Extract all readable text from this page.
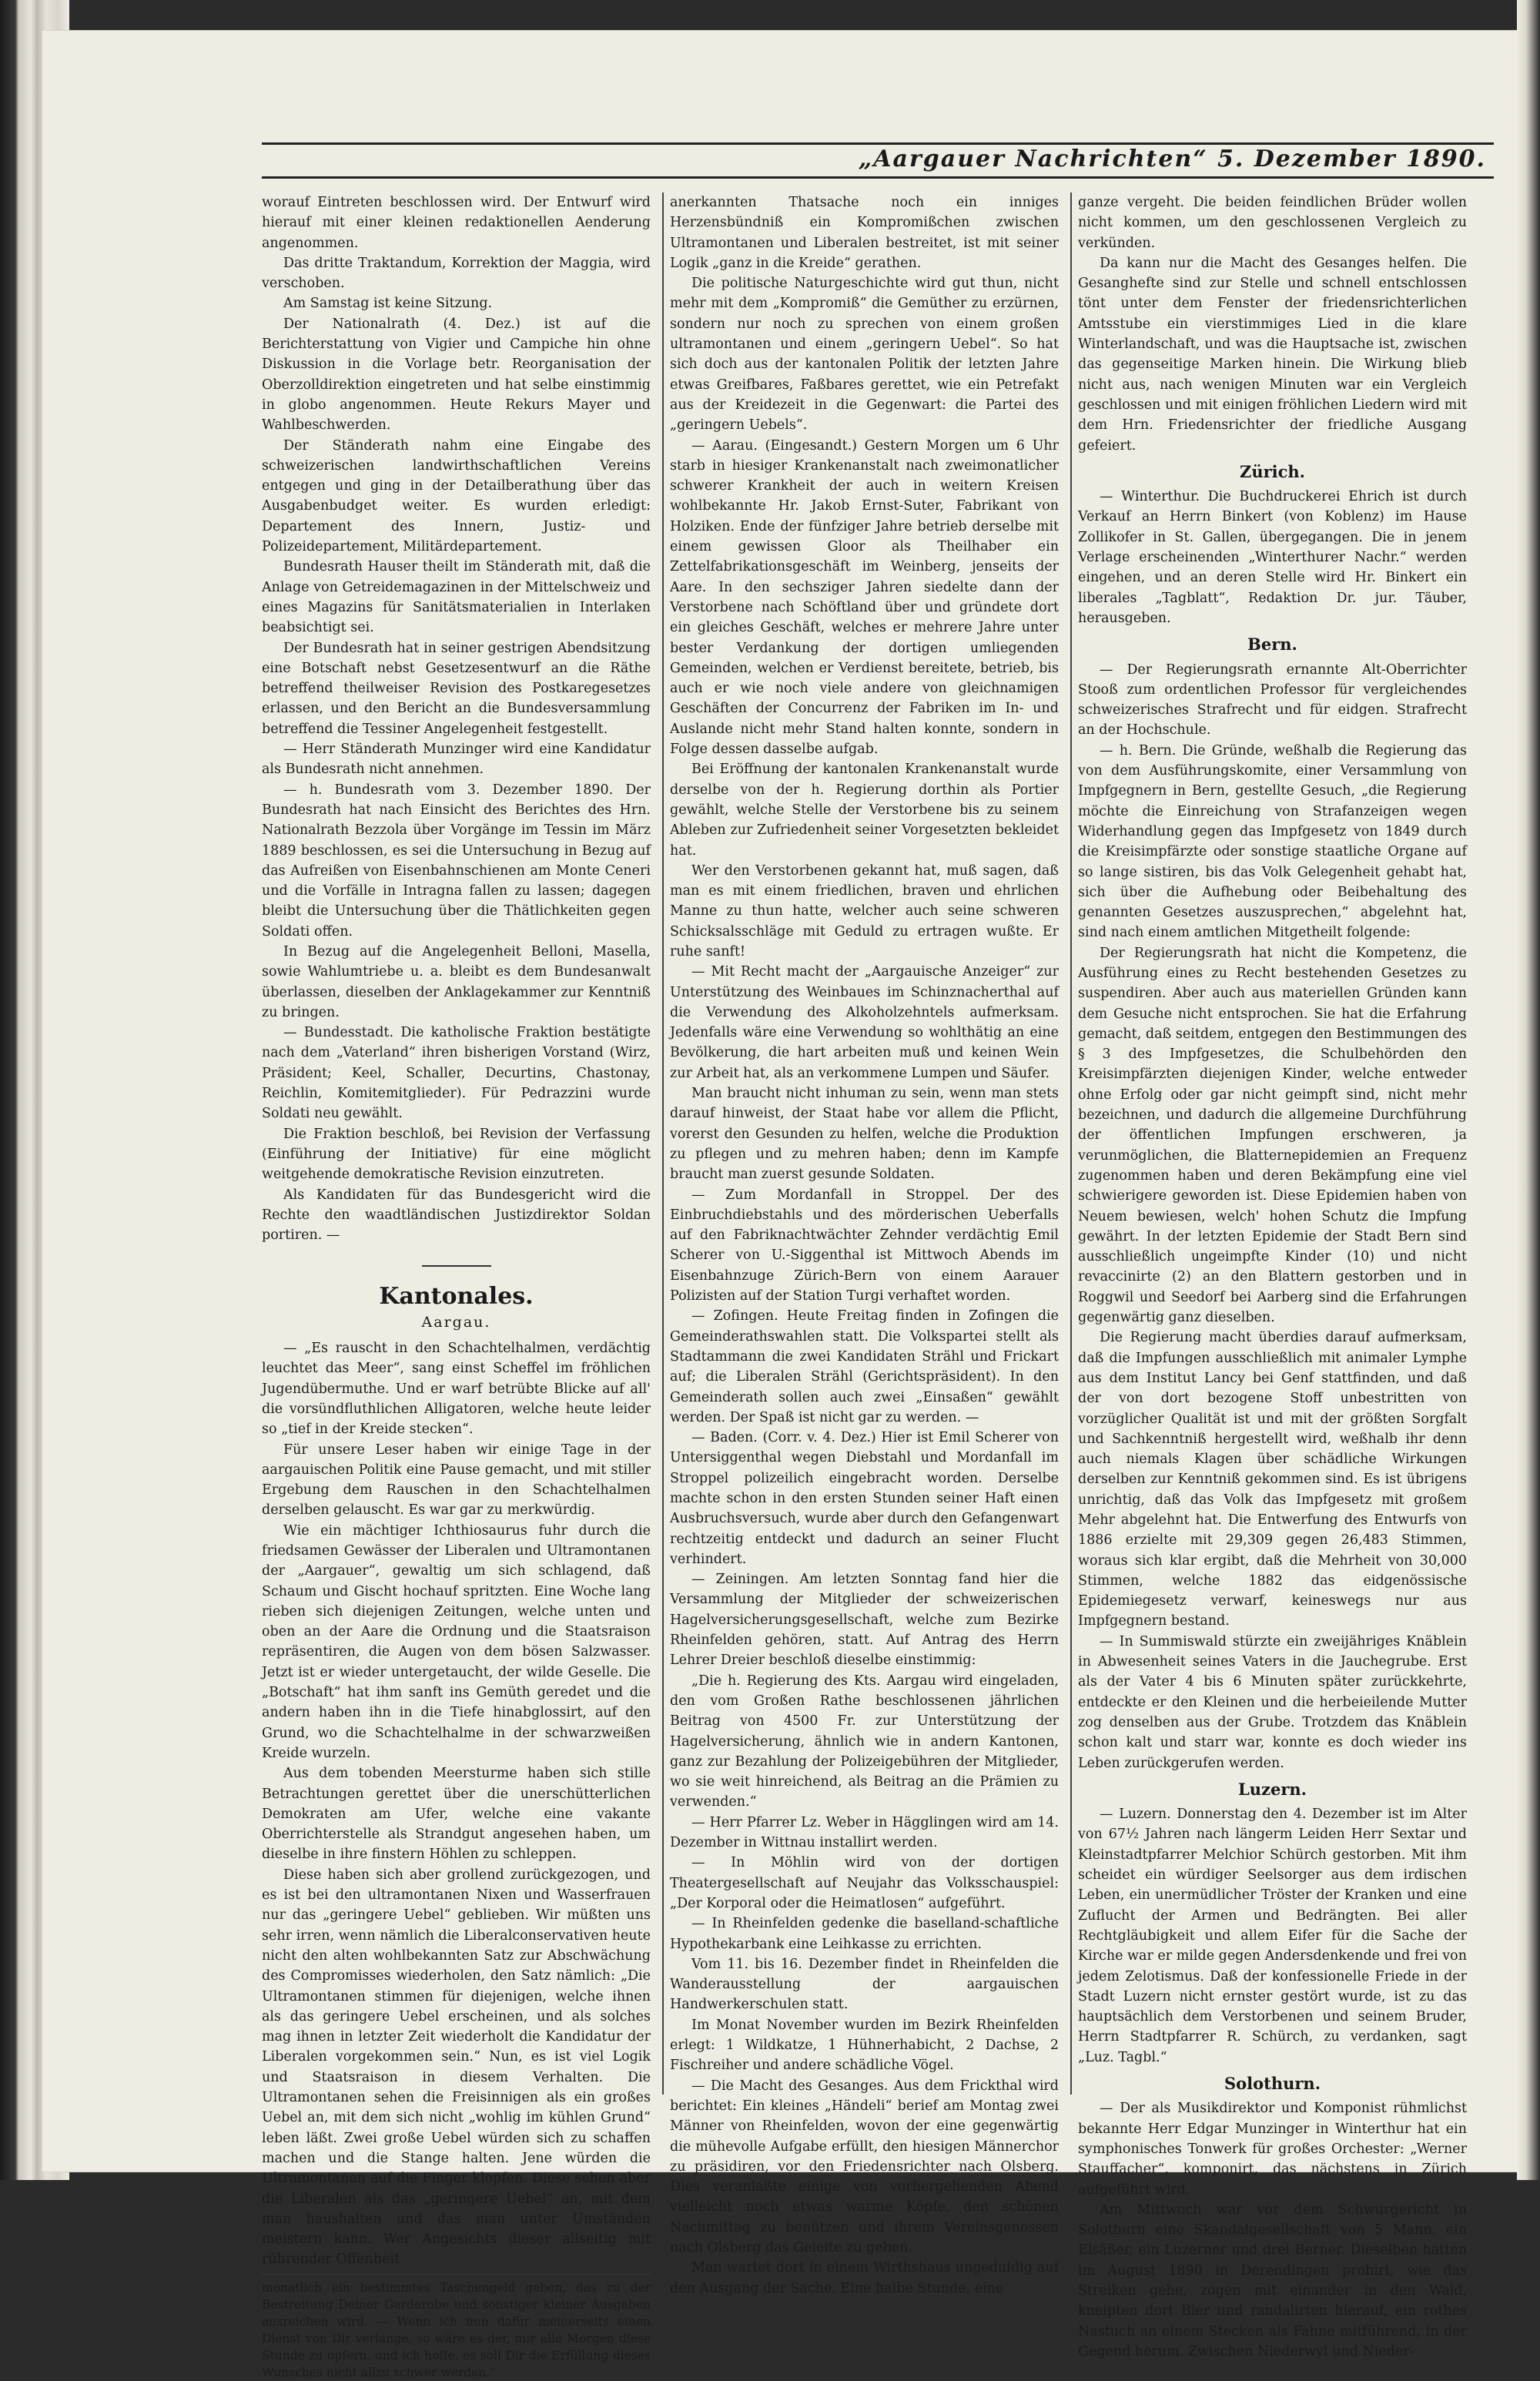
„Aargauer Nachrichten“ 5. Dezember 1890.

worauf Eintreten beschlossen wird. Der Entwurf wird hierauf mit einer kleinen redaktionellen Aenderung angenommen.

Das dritte Traktandum, Korrektion der Maggia, wird verschoben.

Am Samstag ist keine Sitzung.

Der Nationalrath (4. Dez.) ist auf die Berichterstattung von Vigier und Campiche hin ohne Diskussion in die Vorlage betr. Reorganisation der Oberzolldirektion eingetreten und hat selbe einstimmig in globo angenommen. Heute Rekurs Mayer und Wahlbeschwerden.

Der Ständerath nahm eine Eingabe des schweizerischen landwirthschaftlichen Vereins entgegen und ging in der Detailberathung über das Ausgabenbudget weiter. Es wurden erledigt: Departement des Innern, Justiz- und Polizeidepartement, Militärdepartement.

Bundesrath Hauser theilt im Ständerath mit, daß die Anlage von Getreidemagazinen in der Mittelschweiz und eines Magazins für Sanitätsmaterialien in Interlaken beabsichtigt sei.

Der Bundesrath hat in seiner gestrigen Abendsitzung eine Botschaft nebst Gesetzesentwurf an die Räthe betreffend theilweiser Revision des Postkaregesetzes erlassen, und den Bericht an die Bundesversammlung betreffend die Tessiner Angelegenheit festgestellt.

— Herr Ständerath Munzinger wird eine Kandidatur als Bundesrath nicht annehmen.

— h. Bundesrath vom 3. Dezember 1890. Der Bundesrath hat nach Einsicht des Berichtes des Hrn. Nationalrath Bezzola über Vorgänge im Tessin im März 1889 beschlossen, es sei die Untersuchung in Bezug auf das Aufreißen von Eisenbahnschienen am Monte Ceneri und die Vorfälle in Intragna fallen zu lassen; dagegen bleibt die Untersuchung über die Thätlichkeiten gegen Soldati offen.

In Bezug auf die Angelegenheit Belloni, Masella, sowie Wahlumtriebe u. a. bleibt es dem Bundesanwalt überlassen, dieselben der Anklagekammer zur Kenntniß zu bringen.

— Bundesstadt. Die katholische Fraktion bestätigte nach dem „Vaterland“ ihren bisherigen Vorstand (Wirz, Präsident; Keel, Schaller, Decurtins, Chastonay, Reichlin, Komitemitglieder). Für Pedrazzini wurde Soldati neu gewählt.

Die Fraktion beschloß, bei Revision der Verfassung (Einführung der Initiative) für eine möglicht weitgehende demokratische Revision einzutreten.

Als Kandidaten für das Bundesgericht wird die Rechte den waadtländischen Justizdirektor Soldan portiren. —

Kantonales.
Aargau.

— „Es rauscht in den Schachtelhalmen, verdächtig leuchtet das Meer“, sang einst Scheffel im fröhlichen Jugendübermuthe. Und er warf betrübte Blicke auf all' die vorsündfluthlichen Alligatoren, welche heute leider so „tief in der Kreide stecken“.

Für unsere Leser haben wir einige Tage in der aargauischen Politik eine Pause gemacht, und mit stiller Ergebung dem Rauschen in den Schachtelhalmen derselben gelauscht. Es war gar zu merkwürdig.

Wie ein mächtiger Ichthiosaurus fuhr durch die friedsamen Gewässer der Liberalen und Ultramontanen der „Aargauer“, gewaltig um sich schlagend, daß Schaum und Gischt hochauf spritzten. Eine Woche lang rieben sich diejenigen Zeitungen, welche unten und oben an der Aare die Ordnung und die Staatsraison repräsentiren, die Augen von dem bösen Salzwasser. Jetzt ist er wieder untergetaucht, der wilde Geselle. Die „Botschaft“ hat ihm sanft ins Gemüth geredet und die andern haben ihn in die Tiefe hinabglossirt, auf den Grund, wo die Schachtelhalme in der schwarzweißen Kreide wurzeln.

Aus dem tobenden Meersturme haben sich stille Betrachtungen gerettet über die unerschütterlichen Demokraten am Ufer, welche eine vakante Oberrichterstelle als Strandgut angesehen haben, um dieselbe in ihre finstern Höhlen zu schleppen.

Diese haben sich aber grollend zurückgezogen, und es ist bei den ultramontanen Nixen und Wasserfrauen nur das „geringere Uebel“ geblieben. Wir müßten uns sehr irren, wenn nämlich die Liberalconservativen heute nicht den alten wohlbekannten Satz zur Abschwächung des Compromisses wiederholen, den Satz nämlich: „Die Ultramontanen stimmen für diejenigen, welche ihnen als das geringere Uebel erscheinen, und als solches mag ihnen in letzter Zeit wiederholt die Kandidatur der Liberalen vorgekommen sein.“ Nun, es ist viel Logik und Staatsraison in diesem Verhalten. Die Ultramontanen sehen die Freisinnigen als ein großes Uebel an, mit dem sich nicht „wohlig im kühlen Grund“ leben läßt. Zwei große Uebel würden sich zu schaffen machen und die Stange halten. Jene würden die Ultramontanen auf die Finger klopfen. Diese sehen aber die Liberalen als das „geringere Uebel“ an, mit dem man haushalten und das man unter Umständen meistern kann. Wer Angesichts dieser allseitig mit rührender Offenheit

monatlich ein bestimmtes Taschengeld geben, das zu der Bestreitung Deiner Garderobe und sonstiger kleiner Ausgaben ausreichen wird. — Wenn ich nun dafür meinerseits einen Dienst von Dir verlange, so wäre es der, mir alle Morgen diese Stunde zu opfern, und ich hoffe, es soll Dir die Erfüllung dieses Wunsches nicht allzu schwer werden.“

anerkannten Thatsache noch ein inniges Herzensbündniß ein Kompromißchen zwischen Ultramontanen und Liberalen bestreitet, ist mit seiner Logik „ganz in die Kreide“ gerathen.

Die politische Naturgeschichte wird gut thun, nicht mehr mit dem „Kompromiß“ die Gemüther zu erzürnen, sondern nur noch zu sprechen von einem großen ultramontanen und einem „geringern Uebel“. So hat sich doch aus der kantonalen Politik der letzten Jahre etwas Greifbares, Faßbares gerettet, wie ein Petrefakt aus der Kreidezeit in die Gegenwart: die Partei des „geringern Uebels“.

— Aarau. (Eingesandt.) Gestern Morgen um 6 Uhr starb in hiesiger Krankenanstalt nach zweimonatlicher schwerer Krankheit der auch in weitern Kreisen wohlbekannte Hr. Jakob Ernst-Suter, Fabrikant von Holziken. Ende der fünfziger Jahre betrieb derselbe mit einem gewissen Gloor als Theilhaber ein Zettelfabrikationsgeschäft im Weinberg, jenseits der Aare. In den sechsziger Jahren siedelte dann der Verstorbene nach Schöftland über und gründete dort ein gleiches Geschäft, welches er mehrere Jahre unter bester Verdankung der dortigen umliegenden Gemeinden, welchen er Verdienst bereitete, betrieb, bis auch er wie noch viele andere von gleichnamigen Geschäften der Concurrenz der Fabriken im In- und Auslande nicht mehr Stand halten konnte, sondern in Folge dessen dasselbe aufgab.

Bei Eröffnung der kantonalen Krankenanstalt wurde derselbe von der h. Regierung dorthin als Portier gewählt, welche Stelle der Verstorbene bis zu seinem Ableben zur Zufriedenheit seiner Vorgesetzten bekleidet hat.

Wer den Verstorbenen gekannt hat, muß sagen, daß man es mit einem friedlichen, braven und ehrlichen Manne zu thun hatte, welcher auch seine schweren Schicksalsschläge mit Geduld zu ertragen wußte. Er ruhe sanft!

— Mit Recht macht der „Aargauische Anzeiger“ zur Unterstützung des Weinbaues im Schinznacherthal auf die Verwendung des Alkoholzehntels aufmerksam. Jedenfalls wäre eine Verwendung so wohlthätig an eine Bevölkerung, die hart arbeiten muß und keinen Wein zur Arbeit hat, als an verkommene Lumpen und Säufer.

Man braucht nicht inhuman zu sein, wenn man stets darauf hinweist, der Staat habe vor allem die Pflicht, vorerst den Gesunden zu helfen, welche die Produktion zu pflegen und zu mehren haben; denn im Kampfe braucht man zuerst gesunde Soldaten.

— Zum Mordanfall in Stroppel. Der des Einbruchdiebstahls und des mörderischen Ueberfalls auf den Fabriknachtwächter Zehnder verdächtig Emil Scherer von U.-Siggenthal ist Mittwoch Abends im Eisenbahnzuge Zürich-Bern von einem Aarauer Polizisten auf der Station Turgi verhaftet worden.

— Zofingen. Heute Freitag finden in Zofingen die Gemeinderathswahlen statt. Die Volkspartei stellt als Stadtammann die zwei Kandidaten Strähl und Frickart auf; die Liberalen Strähl (Gerichtspräsident). In den Gemeinderath sollen auch zwei „Einsaßen“ gewählt werden. Der Spaß ist nicht gar zu werden. —

— Baden. (Corr. v. 4. Dez.) Hier ist Emil Scherer von Untersiggenthal wegen Diebstahl und Mordanfall im Stroppel polizeilich eingebracht worden. Derselbe machte schon in den ersten Stunden seiner Haft einen Ausbruchsversuch, wurde aber durch den Gefangenwart rechtzeitig entdeckt und dadurch an seiner Flucht verhindert.

— Zeiningen. Am letzten Sonntag fand hier die Versammlung der Mitglieder der schweizerischen Hagelversicherungsgesellschaft, welche zum Bezirke Rheinfelden gehören, statt. Auf Antrag des Herrn Lehrer Dreier beschloß dieselbe einstimmig:

„Die h. Regierung des Kts. Aargau wird eingeladen, den vom Großen Rathe beschlossenen jährlichen Beitrag von 4500 Fr. zur Unterstützung der Hagelversicherung, ähnlich wie in andern Kantonen, ganz zur Bezahlung der Polizeigebühren der Mitglieder, wo sie weit hinreichend, als Beitrag an die Prämien zu verwenden.“

— Herr Pfarrer Lz. Weber in Hägglingen wird am 14. Dezember in Wittnau installirt werden.

— In Möhlin wird von der dortigen Theatergesellschaft auf Neujahr das Volksschauspiel: „Der Korporal oder die Heimatlosen“ aufgeführt.

— In Rheinfelden gedenke die baselland-schaftliche Hypothekarbank eine Leihkasse zu errichten.

Vom 11. bis 16. Dezember findet in Rheinfelden die Wanderausstellung der aargauischen Handwerkerschulen statt.

Im Monat November wurden im Bezirk Rheinfelden erlegt: 1 Wildkatze, 1 Hühnerhabicht, 2 Dachse, 2 Fischreiher und andere schädliche Vögel.

— Die Macht des Gesanges. Aus dem Frickthal wird berichtet: Ein kleines „Händeli“ berief am Montag zwei Männer von Rheinfelden, wovon der eine gegenwärtig die mühevolle Aufgabe erfüllt, den hiesigen Männerchor zu präsidiren, vor den Friedensrichter nach Olsberg. Dies veranlaßte einige von vorhergehenden Abend vielleicht noch etwas warme Köpfe, den schönen Nachmittag zu benützen und ihrem Vereinsgenossen nach Olsberg das Geleite zu geben.

Man wartet dort in einem Wirthshaus ungeduldig auf den Ausgang der Sache. Eine halbe Stunde, eine

ganze vergeht. Die beiden feindlichen Brüder wollen nicht kommen, um den geschlossenen Vergleich zu verkünden.

Da kann nur die Macht des Gesanges helfen. Die Gesanghefte sind zur Stelle und schnell entschlossen tönt unter dem Fenster der friedensrichterlichen Amtsstube ein vierstimmiges Lied in die klare Winterlandschaft, und was die Hauptsache ist, zwischen das gegenseitige Marken hinein. Die Wirkung blieb nicht aus, nach wenigen Minuten war ein Vergleich geschlossen und mit einigen fröhlichen Liedern wird mit dem Hrn. Friedensrichter der friedliche Ausgang gefeiert.

Zürich.

— Winterthur. Die Buchdruckerei Ehrich ist durch Verkauf an Herrn Binkert (von Koblenz) im Hause Zollikofer in St. Gallen, übergegangen. Die in jenem Verlage erscheinenden „Winterthurer Nachr.“ werden eingehen, und an deren Stelle wird Hr. Binkert ein liberales „Tagblatt“, Redaktion Dr. jur. Täuber, herausgeben.

Bern.

— Der Regierungsrath ernannte Alt-Oberrichter Stooß zum ordentlichen Professor für vergleichendes schweizerisches Strafrecht und für eidgen. Strafrecht an der Hochschule.

— h. Bern. Die Gründe, weßhalb die Regierung das von dem Ausführungskomite, einer Versammlung von Impfgegnern in Bern, gestellte Gesuch, „die Regierung möchte die Einreichung von Strafanzeigen wegen Widerhandlung gegen das Impfgesetz von 1849 durch die Kreisimpfärzte oder sonstige staatliche Organe auf so lange sistiren, bis das Volk Gelegenheit gehabt hat, sich über die Aufhebung oder Beibehaltung des genannten Gesetzes auszusprechen,“ abgelehnt hat, sind nach einem amtlichen Mitgetheilt folgende:

Der Regierungsrath hat nicht die Kompetenz, die Ausführung eines zu Recht bestehenden Gesetzes zu suspendiren. Aber auch aus materiellen Gründen kann dem Gesuche nicht entsprochen. Sie hat die Erfahrung gemacht, daß seitdem, entgegen den Bestimmungen des § 3 des Impfgesetzes, die Schulbehörden den Kreisimpfärzten diejenigen Kinder, welche entweder ohne Erfolg oder gar nicht geimpft sind, nicht mehr bezeichnen, und dadurch die allgemeine Durchführung der öffentlichen Impfungen erschweren, ja verunmöglichen, die Blatternepidemien an Frequenz zugenommen haben und deren Bekämpfung eine viel schwierigere geworden ist. Diese Epidemien haben von Neuem bewiesen, welch' hohen Schutz die Impfung gewährt. In der letzten Epidemie der Stadt Bern sind ausschließlich ungeimpfte Kinder (10) und nicht revaccinirte (2) an den Blattern gestorben und in Roggwil und Seedorf bei Aarberg sind die Erfahrungen gegenwärtig ganz dieselben.

Die Regierung macht überdies darauf aufmerksam, daß die Impfungen ausschließlich mit animaler Lymphe aus dem Institut Lancy bei Genf stattfinden, und daß der von dort bezogene Stoff unbestritten von vorzüglicher Qualität ist und mit der größten Sorgfalt und Sachkenntniß hergestellt wird, weßhalb ihr denn auch niemals Klagen über schädliche Wirkungen derselben zur Kenntniß gekommen sind. Es ist übrigens unrichtig, daß das Volk das Impfgesetz mit großem Mehr abgelehnt hat. Die Entwerfung des Entwurfs von 1886 erzielte mit 29,309 gegen 26,483 Stimmen, woraus sich klar ergibt, daß die Mehrheit von 30,000 Stimmen, welche 1882 das eidgenössische Epidemiegesetz verwarf, keineswegs nur aus Impfgegnern bestand.

— In Summiswald stürzte ein zweijähriges Knäblein in Abwesenheit seines Vaters in die Jauchegrube. Erst als der Vater 4 bis 6 Minuten später zurückkehrte, entdeckte er den Kleinen und die herbeieilende Mutter zog denselben aus der Grube. Trotzdem das Knäblein schon kalt und starr war, konnte es doch wieder ins Leben zurückgerufen werden.

Luzern.

— Luzern. Donnerstag den 4. Dezember ist im Alter von 67½ Jahren nach längerm Leiden Herr Sextar und Kleinstadtpfarrer Melchior Schürch gestorben. Mit ihm scheidet ein würdiger Seelsorger aus dem irdischen Leben, ein unermüdlicher Tröster der Kranken und eine Zuflucht der Armen und Bedrängten. Bei aller Rechtgläubigkeit und allem Eifer für die Sache der Kirche war er milde gegen Andersdenkende und frei von jedem Zelotismus. Daß der konfessionelle Friede in der Stadt Luzern nicht ernster gestört wurde, ist zu das hauptsächlich dem Verstorbenen und seinem Bruder, Herrn Stadtpfarrer R. Schürch, zu verdanken, sagt „Luz. Tagbl.“

Solothurn.

— Der als Musikdirektor und Komponist rühmlichst bekannte Herr Edgar Munzinger in Winterthur hat ein symphonisches Tonwerk für großes Orchester: „Werner Stauffacher“, komponirt, das nächstens in Zürich aufgeführt wird.

Am Mittwoch war vor dem Schwurgericht in Solothurn eine Skandalgesellschaft von 5 Mann, ein Elsäßer, ein Luzerner und drei Berner. Dieselben hatten im August 1890 in Derendingen probirt, wie das Streiken gehe, zogen mit einander in den Wald, kneipten dort Bier und randalirten hierauf, ein rothes Nastuch an einem Stecken als Fahne mitführend, in der Gegend herum. Zwischen Niederwyl und Nieder-
